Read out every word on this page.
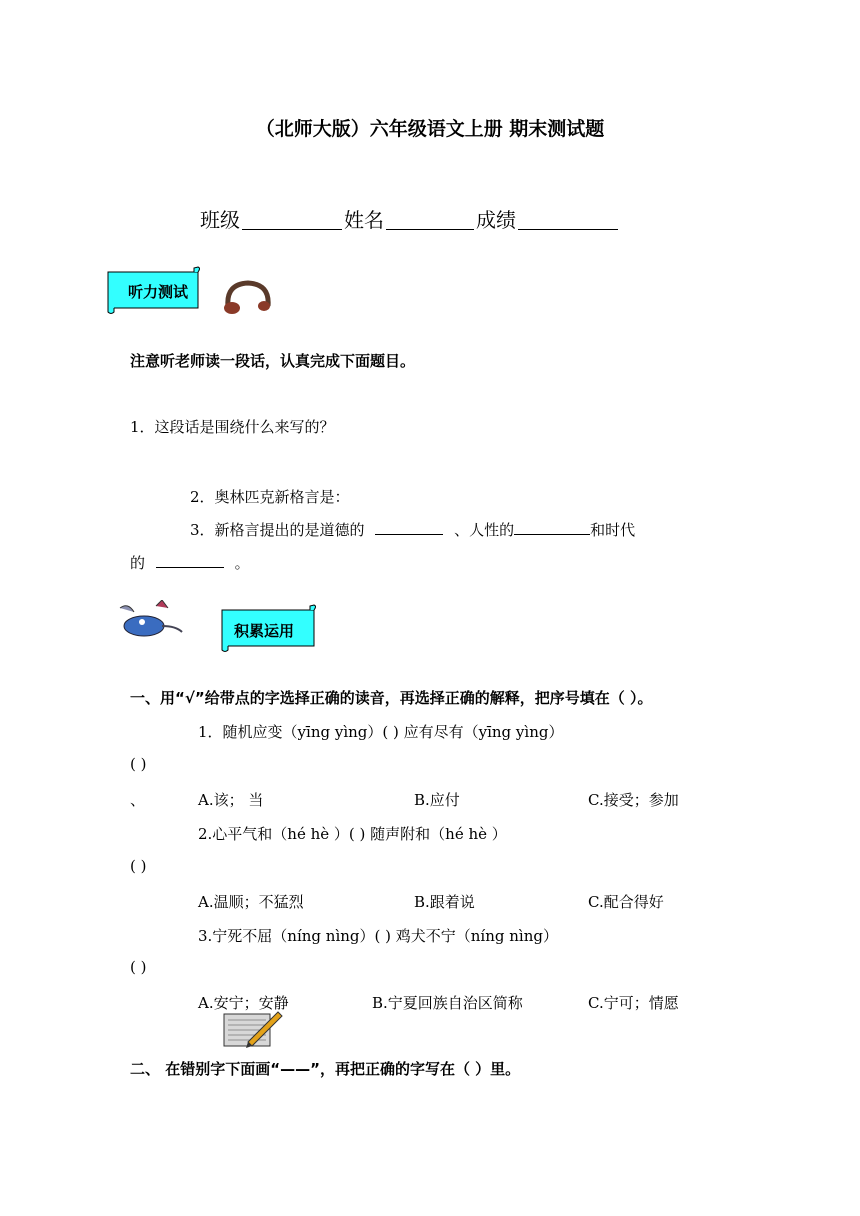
（北师大版）六年级语文上册 期末测试题
班级	姓名	成绩
听力测试
注意听老师读一段话，认真完成下面题目。
1．这段话是围绕什么来写的？
2．奥林匹克新格言是：
3．新格言提出的是道德的	、人性的	和时代
的	。
积累运用
一、用“√”给带点的字选择正确的读音，再选择正确的解释，把序号填在（ ）。
1．随机应变（yīng yìng）( ) 应有尽有（yīng yìng）
( )
、	A.该； 当	B.应付	C.接受；参加
2.心平气和（hé hè ）( ) 随声附和（hé hè ）
( )
A.温顺；不猛烈	B.跟着说	C.配合得好
3.宁死不屈（níng nìng）( ) 鸡犬不宁（níng nìng）
( )
A.安宁；安静	B.宁夏回族自治区简称	C.宁可；情愿
二、 在错别字下面画“——”，再把正确的字写在（ ）里。
